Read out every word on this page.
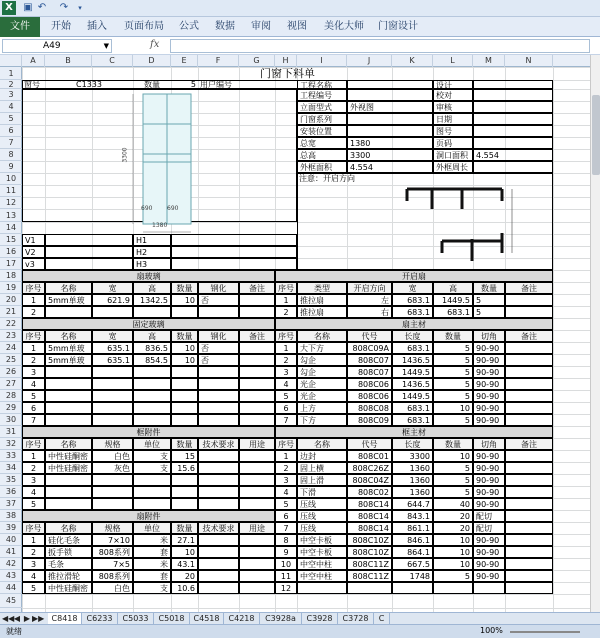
X	▣ ↶ ↷	▾
文件	开始	插入	页面布局	公式	数据	审阅	视图	美化大师	门窗设计
A49	▼	fx
A	B	C	D	E	F	G	H	I	J	K	L	M	N
1
2
3
4
5
6
7
8
9
10
11
12
13
14
15
16
17
18
19
20
21
22
23
24
25
26
27
28
29
30
31
32
33
34
35
36
37
38
39
40
41
42
43
44
45
门窗下料单
窗号	C1333	数量	5 用户编号
3300
690 690
1380
工程名称
工程编号
立面型式	外视图
门窗系列
安装位置
总宽	1380
总高	3300
外框面积	4.554
设计
校对
审核
日期
图号
页码
洞口面积	4.554
外框周长
注意：开启方向
V1	H1
V2	H2
v3	H3
扇玻璃	开启扇
序号	名称	宽	高	数量	钢化	备注
1	5mm单玻	621.9	1342.5	10 否
2
序号	类型	开启方向	宽	高	数量	备注
1	推拉扇	左	683.1	1449.5 5
2	推拉扇	右	683.1	683.1 5
固定玻璃	扇主材
序号	名称	宽	高	数量	钢化	备注
1	5mm单玻	635.1	836.5	10 否
2	5mm单玻	635.1	854.5	10 否
3
4
5
6
7
序号	名称	代号	长度	数量	切角	备注
1	大下方	808C09A	683.1	5 90-90
2	勾企	808C07	1436.5	5 90-90
3	勾企	808C07	1449.5	5 90-90
4	光企	808C06	1436.5	5 90-90
5	光企	808C06	1449.5	5 90-90
6	上方	808C08	683.1	10 90-90
7	下方	808C09	683.1	5 90-90
框附件	框主材
序号	名称	规格	单位	数量	技术要求	用途
1	中性硅酮密	白色	支	15
2	中性硅酮密	灰色	支	15.6
3
4
5
序号	名称	代号	长度	数量	切角	备注
1	边封	808C01	3300	10 90-90
2	固上横	808C26Z	1360	5 90-90
3	固上滑	808C04Z	1360	5 90-90
4	下滑	808C02	1360	5 90-90
5	压线	808C14	644.7	40 90-90
6	压线	808C14	843.1	20 配切
7	压线	808C14	861.1	20 配切
8	中空卡板	808C10Z	846.1	10 90-90
9	中空卡板	808C10Z	864.1	10 90-90
10	中空中柱	808C11Z	667.5	10 90-90
11	中空中柱	808C11Z	1748	5 90-90
12
扇附件
序号	名称	规格	单位	数量	技术要求	用途
1	硅化毛条	7×10	米	27.1
2	扳手锁	808系列	套	10
3	毛条	7×5	米	43.1
4	推拉滑轮	808系列	套	20
5	中性硅酮密	白色	支	10.6
◀◀ ◀ ▶ ▶▶ C8418	C6233	C5033	C5018	C4518	C4218	C3928a	C3928	C3728	C
就绪	100%
